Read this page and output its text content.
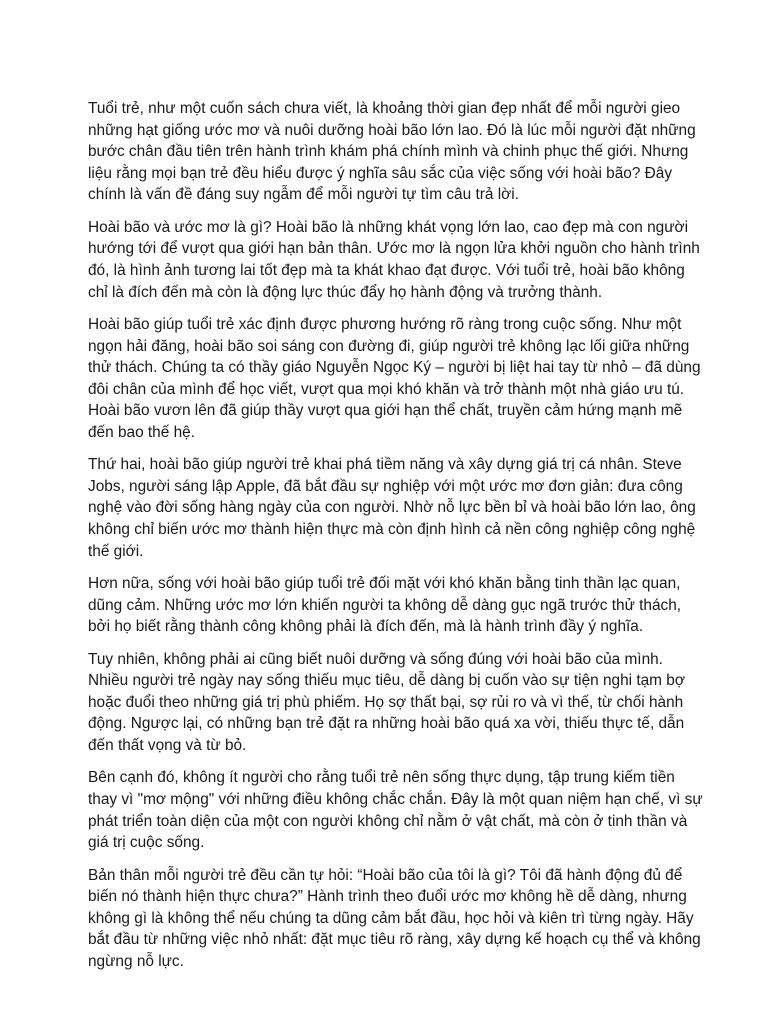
Tuổi trẻ, như một cuốn sách chưa viết, là khoảng thời gian đẹp nhất để mỗi người gieo những hạt giống ước mơ và nuôi dưỡng hoài bão lớn lao. Đó là lúc mỗi người đặt những bước chân đầu tiên trên hành trình khám phá chính mình và chinh phục thế giới. Nhưng liệu rằng mọi bạn trẻ đều hiểu được ý nghĩa sâu sắc của việc sống với hoài bão? Đây chính là vấn đề đáng suy ngẫm để mỗi người tự tìm câu trả lời.

Hoài bão và ước mơ là gì? Hoài bão là những khát vọng lớn lao, cao đẹp mà con người hướng tới để vượt qua giới hạn bản thân. Ước mơ là ngọn lửa khởi nguồn cho hành trình đó, là hình ảnh tương lai tốt đẹp mà ta khát khao đạt được. Với tuổi trẻ, hoài bão không chỉ là đích đến mà còn là động lực thúc đẩy họ hành động và trưởng thành.

Hoài bão giúp tuổi trẻ xác định được phương hướng rõ ràng trong cuộc sống. Như một ngọn hải đăng, hoài bão soi sáng con đường đi, giúp người trẻ không lạc lối giữa những thử thách. Chúng ta có thầy giáo Nguyễn Ngọc Ký – người bị liệt hai tay từ nhỏ – đã dùng đôi chân của mình để học viết, vượt qua mọi khó khăn và trở thành một nhà giáo ưu tú. Hoài bão vươn lên đã giúp thầy vượt qua giới hạn thể chất, truyền cảm hứng mạnh mẽ đến bao thế hệ.

Thứ hai, hoài bão giúp người trẻ khai phá tiềm năng và xây dựng giá trị cá nhân. Steve Jobs, người sáng lập Apple, đã bắt đầu sự nghiệp với một ước mơ đơn giản: đưa công nghệ vào đời sống hàng ngày của con người. Nhờ nỗ lực bền bỉ và hoài bão lớn lao, ông không chỉ biến ước mơ thành hiện thực mà còn định hình cả nền công nghiệp công nghệ thế giới.

Hơn nữa, sống với hoài bão giúp tuổi trẻ đối mặt với khó khăn bằng tinh thần lạc quan, dũng cảm. Những ước mơ lớn khiến người ta không dễ dàng gục ngã trước thử thách, bởi họ biết rằng thành công không phải là đích đến, mà là hành trình đầy ý nghĩa.

Tuy nhiên, không phải ai cũng biết nuôi dưỡng và sống đúng với hoài bão của mình. Nhiều người trẻ ngày nay sống thiếu mục tiêu, dễ dàng bị cuốn vào sự tiện nghi tạm bợ hoặc đuổi theo những giá trị phù phiếm. Họ sợ thất bại, sợ rủi ro và vì thế, từ chối hành động. Ngược lại, có những bạn trẻ đặt ra những hoài bão quá xa vời, thiếu thực tế, dẫn đến thất vọng và từ bỏ.

Bên cạnh đó, không ít người cho rằng tuổi trẻ nên sống thực dụng, tập trung kiếm tiền thay vì "mơ mộng" với những điều không chắc chắn. Đây là một quan niệm hạn chế, vì sự phát triển toàn diện của một con người không chỉ nằm ở vật chất, mà còn ở tinh thần và giá trị cuộc sống.

Bản thân mỗi người trẻ đều cần tự hỏi: “Hoài bão của tôi là gì? Tôi đã hành động đủ để biến nó thành hiện thực chưa?” Hành trình theo đuổi ước mơ không hề dễ dàng, nhưng không gì là không thể nếu chúng ta dũng cảm bắt đầu, học hỏi và kiên trì từng ngày. Hãy bắt đầu từ những việc nhỏ nhất: đặt mục tiêu rõ ràng, xây dựng kế hoạch cụ thể và không ngừng nỗ lực.
